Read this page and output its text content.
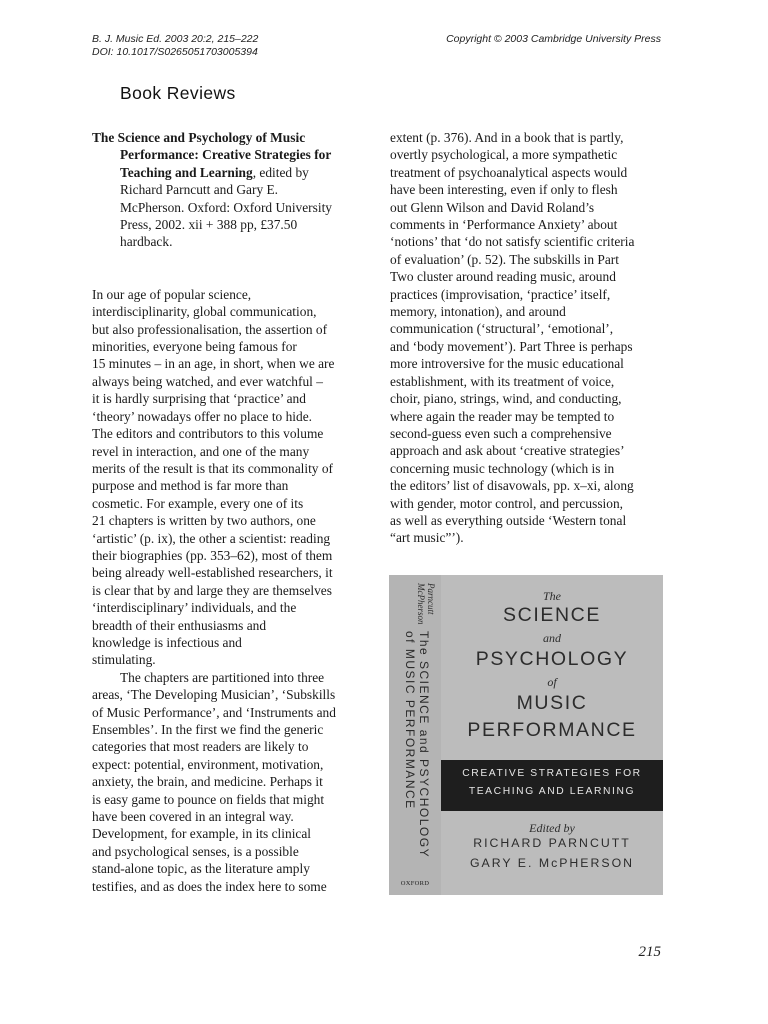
B. J. Music Ed. 2003 20:2, 215–222
DOI: 10.1017/S0265051703005394
Copyright © 2003 Cambridge University Press
Book Reviews
The Science and Psychology of Music
Performance: Creative Strategies for
Teaching and Learning, edited by
Richard Parncutt and Gary E.
McPherson. Oxford: Oxford University
Press, 2002. xii + 388 pp, £37.50
hardback.
In our age of popular science,
interdisciplinarity, global communication,
but also professionalisation, the assertion of
minorities, everyone being famous for
15 minutes – in an age, in short, when we are
always being watched, and ever watchful –
it is hardly surprising that ‘practice’ and
‘theory’ nowadays offer no place to hide.
The editors and contributors to this volume
revel in interaction, and one of the many
merits of the result is that its commonality of
purpose and method is far more than
cosmetic. For example, every one of its
21 chapters is written by two authors, one
‘artistic’ (p. ix), the other a scientist: reading
their biographies (pp. 353–62), most of them
being already well-established researchers, it
is clear that by and large they are themselves
‘interdisciplinary’ individuals, and the
breadth of their enthusiasms and
knowledge is infectious and
stimulating.
The chapters are partitioned into three
areas, ‘The Developing Musician’, ‘Subskills
of Music Performance’, and ‘Instruments and
Ensembles’. In the first we find the generic
categories that most readers are likely to
expect: potential, environment, motivation,
anxiety, the brain, and medicine. Perhaps it
is easy game to pounce on fields that might
have been covered in an integral way.
Development, for example, in its clinical
and psychological senses, is a possible
stand-alone topic, as the literature amply
testifies, and as does the index here to some
extent (p. 376). And in a book that is partly,
overtly psychological, a more sympathetic
treatment of psychoanalytical aspects would
have been interesting, even if only to flesh
out Glenn Wilson and David Roland’s
comments in ‘Performance Anxiety’ about
‘notions’ that ‘do not satisfy scientific criteria
of evaluation’ (p. 52). The subskills in Part
Two cluster around reading music, around
practices (improvisation, ‘practice’ itself,
memory, intonation), and around
communication (‘structural’, ‘emotional’,
and ‘body movement’). Part Three is perhaps
more introversive for the music educational
establishment, with its treatment of voice,
choir, piano, strings, wind, and conducting,
where again the reader may be tempted to
second-guess even such a comprehensive
approach and ask about ‘creative strategies’
concerning music technology (which is in
the editors’ list of disavowals, pp. x–xi, along
with gender, motor control, and percussion,
as well as everything outside ‘Western tonal
“art music”’).
Parncutt
McPherson
The SCIENCE and PSYCHOLOGY
of MUSIC PERFORMANCE
OXFORD
The
SCIENCE
and
PSYCHOLOGY
of
MUSIC
PERFORMANCE
CREATIVE STRATEGIES FOR
TEACHING AND LEARNING
Edited by
RICHARD PARNCUTT
GARY E. McPHERSON
215
